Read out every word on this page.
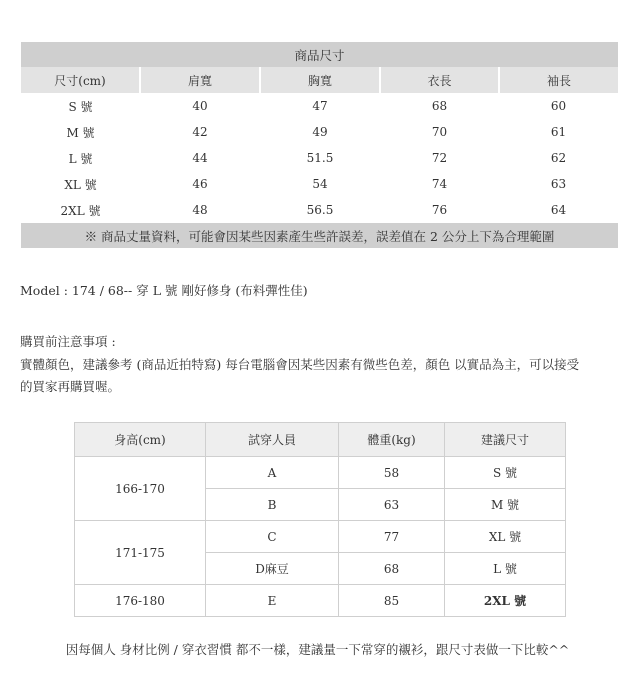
商品尺寸				
尺寸(cm)	肩寬	胸寬	衣長	袖長
S 號	40	47	68	60
M 號	42	49	70	61
L 號	44	51.5	72	62
XL 號	46	54	74	63
2XL 號	48	56.5	76	64
※ 商品丈量資料，可能會因某些因素產生些許誤差，誤差值在 2 公分上下為合理範圍				
Model : 174 / 68-- 穿 L 號 剛好修身 (布料彈性佳)
購買前注意事項 :
實體顏色，建議參考 (商品近拍特寫) 每台電腦會因某些因素有微些色差，顏色 以實品為主，可以接受
的買家再購買喔。
身高(cm)	試穿人員	體重(kg)	建議尺寸
166-170	A	58	S 號
	B	63	M 號
171-175	C	77	XL 號
	D麻豆	68	L 號
176-180	E	85	2XL 號
因每個人 身材比例 / 穿衣習慣 都不一樣，建議量一下常穿的襯衫，跟尺寸表做一下比較^^
